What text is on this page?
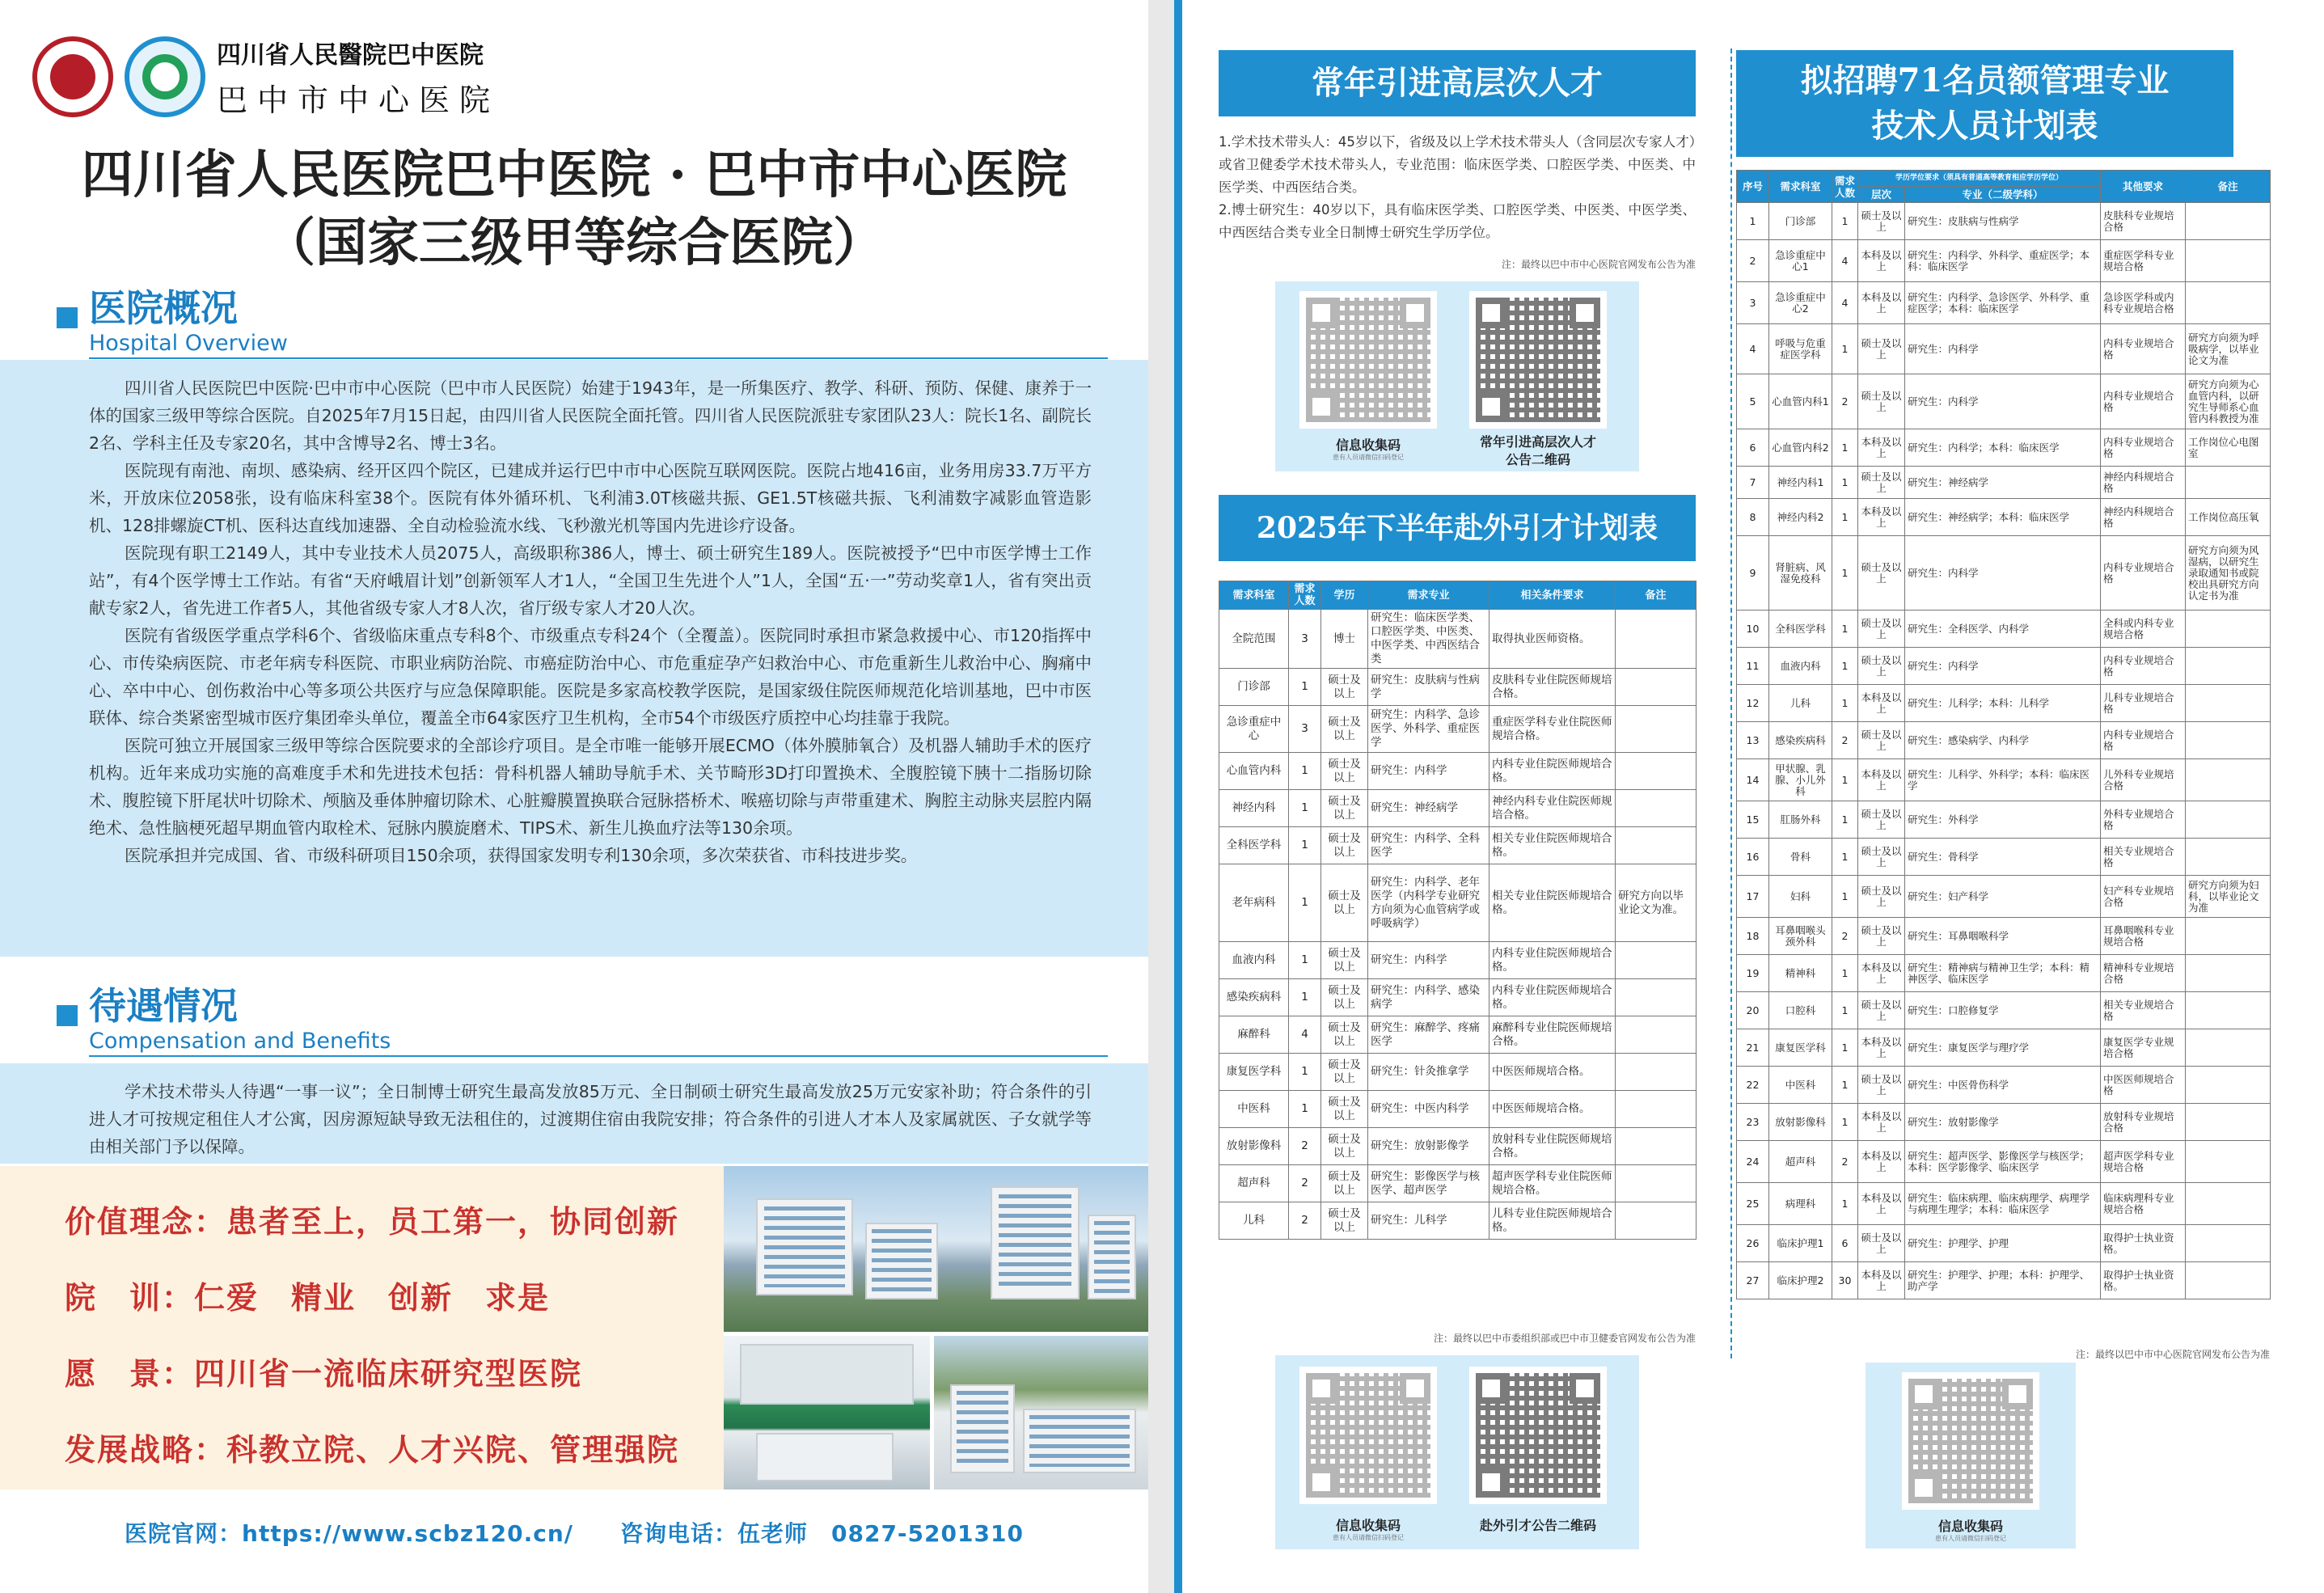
四川省人民醫院巴中医院
巴中市中心医院
四川省人民医院巴中医院 · 巴中市中心医院
（国家三级甲等综合医院）
医院概况
Hospital Overview

四川省人民医院巴中医院·巴中市中心医院（巴中市人民医院）始建于1943年，是一所集医疗、教学、科研、预防、保健、康养于一体的国家三级甲等综合医院。自2025年7月15日起，由四川省人民医院全面托管。四川省人民医院派驻专家团队23人：院长1名、副院长2名、学科主任及专家20名，其中含博导2名、博士3名。

医院现有南池、南坝、感染病、经开区四个院区，已建成并运行巴中市中心医院互联网医院。医院占地416亩，业务用房33.7万平方米，开放床位2058张，设有临床科室38个。医院有体外循环机、飞利浦3.0T核磁共振、GE1.5T核磁共振、飞利浦数字减影血管造影机、128排螺旋CT机、医科达直线加速器、全自动检验流水线、飞秒激光机等国内先进诊疗设备。

医院现有职工2149人，其中专业技术人员2075人，高级职称386人，博士、硕士研究生189人。医院被授予“巴中市医学博士工作站”，有4个医学博士工作站。有省“天府峨眉计划”创新领军人才1人，“全国卫生先进个人”1人，全国“五·一”劳动奖章1人，省有突出贡献专家2人，省先进工作者5人，其他省级专家人才8人次，省厅级专家人才20人次。

医院有省级医学重点学科6个、省级临床重点专科8个、市级重点专科24个（全覆盖）。医院同时承担市紧急救援中心、市120指挥中心、市传染病医院、市老年病专科医院、市职业病防治院、市癌症防治中心、市危重症孕产妇救治中心、市危重新生儿救治中心、胸痛中心、卒中中心、创伤救治中心等多项公共医疗与应急保障职能。医院是多家高校教学医院，是国家级住院医师规范化培训基地，巴中市医联体、综合类紧密型城市医疗集团牵头单位，覆盖全市64家医疗卫生机构，全市54个市级医疗质控中心均挂靠于我院。

医院可独立开展国家三级甲等综合医院要求的全部诊疗项目。是全市唯一能够开展ECMO（体外膜肺氧合）及机器人辅助手术的医疗机构。近年来成功实施的高难度手术和先进技术包括：骨科机器人辅助导航手术、关节畸形3D打印置换术、全腹腔镜下胰十二指肠切除术、腹腔镜下肝尾状叶切除术、颅脑及垂体肿瘤切除术、心脏瓣膜置换联合冠脉搭桥术、喉癌切除与声带重建术、胸腔主动脉夹层腔内隔绝术、急性脑梗死超早期血管内取栓术、冠脉内膜旋磨术、TIPS术、新生儿换血疗法等130余项。

医院承担并完成国、省、市级科研项目150余项，获得国家发明专利130余项，多次荣获省、市科技进步奖。

待遇情况
Compensation and Benefits

学术技术带头人待遇“一事一议”；全日制博士研究生最高发放85万元、全日制硕士研究生最高发放25万元安家补助；符合条件的引进人才可按规定租住人才公寓，因房源短缺导致无法租住的，过渡期住宿由我院安排；符合条件的引进人才本人及家属就医、子女就学等由相关部门予以保障。

价值理念：患者至上，员工第一，协同创新
院　训：仁爱　精业　创新　求是
愿　景：四川省一流临床研究型医院
发展战略：科教立院、人才兴院、管理强院
医院官网：https://www.scbz120.cn/　　咨询电话：伍老师　0827-5201310
常年引进高层次人才
1.学术技术带头人：45岁以下，省级及以上学术技术带头人（含同层次专家人才）或省卫健委学术技术带头人，专业范围：临床医学类、口腔医学类、中医类、中医学类、中西医结合类。
2.博士研究生：40岁以下，具有临床医学类、口腔医学类、中医类、中医学类、中西医结合类专业全日制博士研究生学历学位。
注：最终以巴中市中心医院官网发布公告为准
信息收集码
患有人员请微信扫码登记
常年引进高层次人才
公告二维码
2025年下半年赴外引才计划表
需求科室	需求人数	学历	需求专业	相关条件要求	备注
全院范围	3	博士	研究生：临床医学类、口腔医学类、中医类、中医学类、中西医结合类	取得执业医师资格。	
门诊部	1	硕士及以上	研究生：皮肤病与性病学	皮肤科专业住院医师规培合格。	
急诊重症中心	3	硕士及以上	研究生：内科学、急诊医学、外科学、重症医学	重症医学科专业住院医师规培合格。	
心血管内科	1	硕士及以上	研究生：内科学	内科专业住院医师规培合格。	
神经内科	1	硕士及以上	研究生：神经病学	神经内科专业住院医师规培合格。	
全科医学科	1	硕士及以上	研究生：内科学、全科医学	相关专业住院医师规培合格。	
老年病科	1	硕士及以上	研究生：内科学、老年医学（内科学专业研究方向须为心血管病学或呼吸病学）	相关专业住院医师规培合格。	研究方向以毕业论文为准。
血液内科	1	硕士及以上	研究生：内科学	内科专业住院医师规培合格。	
感染疾病科	1	硕士及以上	研究生：内科学、感染病学	内科专业住院医师规培合格。	
麻醉科	4	硕士及以上	研究生：麻醉学、疼痛医学	麻醉科专业住院医师规培合格。	
康复医学科	1	硕士及以上	研究生：针灸推拿学	中医医师规培合格。	
中医科	1	硕士及以上	研究生：中医内科学	中医医师规培合格。	
放射影像科	2	硕士及以上	研究生：放射影像学	放射科专业住院医师规培合格。	
超声科	2	硕士及以上	研究生：影像医学与核医学、超声医学	超声医学科专业住院医师规培合格。	
儿科	2	硕士及以上	研究生：儿科学	儿科专业住院医师规培合格。	
注：最终以巴中市委组织部或巴中市卫健委官网发布公告为准
信息收集码
患有人员请微信扫码登记
赴外引才公告二维码
拟招聘71名员额管理专业
技术人员计划表
序号	需求科室	需求人数	学历学位要求（须具有普通高等教育相应学历学位）		其他要求	备注
			层次	专业（二级学科）		
1	门诊部	1	硕士及以上	研究生：皮肤病与性病学	皮肤科专业规培合格	
2	急诊重症中心1	4	本科及以上	研究生：内科学、外科学、重症医学；本科：临床医学	重症医学科专业规培合格	
3	急诊重症中心2	4	本科及以上	研究生：内科学、急诊医学、外科学、重症医学；本科：临床医学	急诊医学科或内科专业规培合格	
4	呼吸与危重症医学科	1	硕士及以上	研究生：内科学	内科专业规培合格	研究方向须为呼吸病学，以毕业论文为准
5	心血管内科1	2	硕士及以上	研究生：内科学	内科专业规培合格	研究方向须为心血管内科，以研究生导师系心血管内科教授为准
6	心血管内科2	1	本科及以上	研究生：内科学；本科：临床医学	内科专业规培合格	工作岗位心电图室
7	神经内科1	1	硕士及以上	研究生：神经病学	神经内科规培合格	
8	神经内科2	1	本科及以上	研究生：神经病学；本科：临床医学	神经内科规培合格	工作岗位高压氧
9	肾脏病、风湿免疫科	1	硕士及以上	研究生：内科学	内科专业规培合格	研究方向须为风湿病，以研究生录取通知书或院校出具研究方向认定书为准
10	全科医学科	1	硕士及以上	研究生：全科医学、内科学	全科或内科专业规培合格	
11	血液内科	1	硕士及以上	研究生：内科学	内科专业规培合格	
12	儿科	1	本科及以上	研究生：儿科学；本科：儿科学	儿科专业规培合格	
13	感染疾病科	2	硕士及以上	研究生：感染病学、内科学	内科专业规培合格	
14	甲状腺、乳腺、小儿外科	1	本科及以上	研究生：儿科学、外科学；本科：临床医学	儿外科专业规培合格	
15	肛肠外科	1	硕士及以上	研究生：外科学	外科专业规培合格	
16	骨科	1	硕士及以上	研究生：骨科学	相关专业规培合格	
17	妇科	1	硕士及以上	研究生：妇产科学	妇产科专业规培合格	研究方向须为妇科，以毕业论文为准
18	耳鼻咽喉头颈外科	2	硕士及以上	研究生：耳鼻咽喉科学	耳鼻咽喉科专业规培合格	
19	精神科	1	本科及以上	研究生：精神病与精神卫生学；本科：精神医学、临床医学	精神科专业规培合格	
20	口腔科	1	硕士及以上	研究生：口腔修复学	相关专业规培合格	
21	康复医学科	1	本科及以上	研究生：康复医学与理疗学	康复医学专业规培合格	
22	中医科	1	硕士及以上	研究生：中医骨伤科学	中医医师规培合格	
23	放射影像科	1	本科及以上	研究生：放射影像学	放射科专业规培合格	
24	超声科	2	本科及以上	研究生：超声医学、影像医学与核医学；本科：医学影像学、临床医学	超声医学科专业规培合格	
25	病理科	1	本科及以上	研究生：临床病理、临床病理学、病理学与病理生理学；本科：临床医学	临床病理科专业规培合格	
26	临床护理1	6	硕士及以上	研究生：护理学、护理	取得护士执业资格。	
27	临床护理2	30	本科及以上	研究生：护理学、护理；本科：护理学、助产学	取得护士执业资格。	
注：最终以巴中市中心医院官网发布公告为准
信息收集码
患有人员请微信扫码登记
